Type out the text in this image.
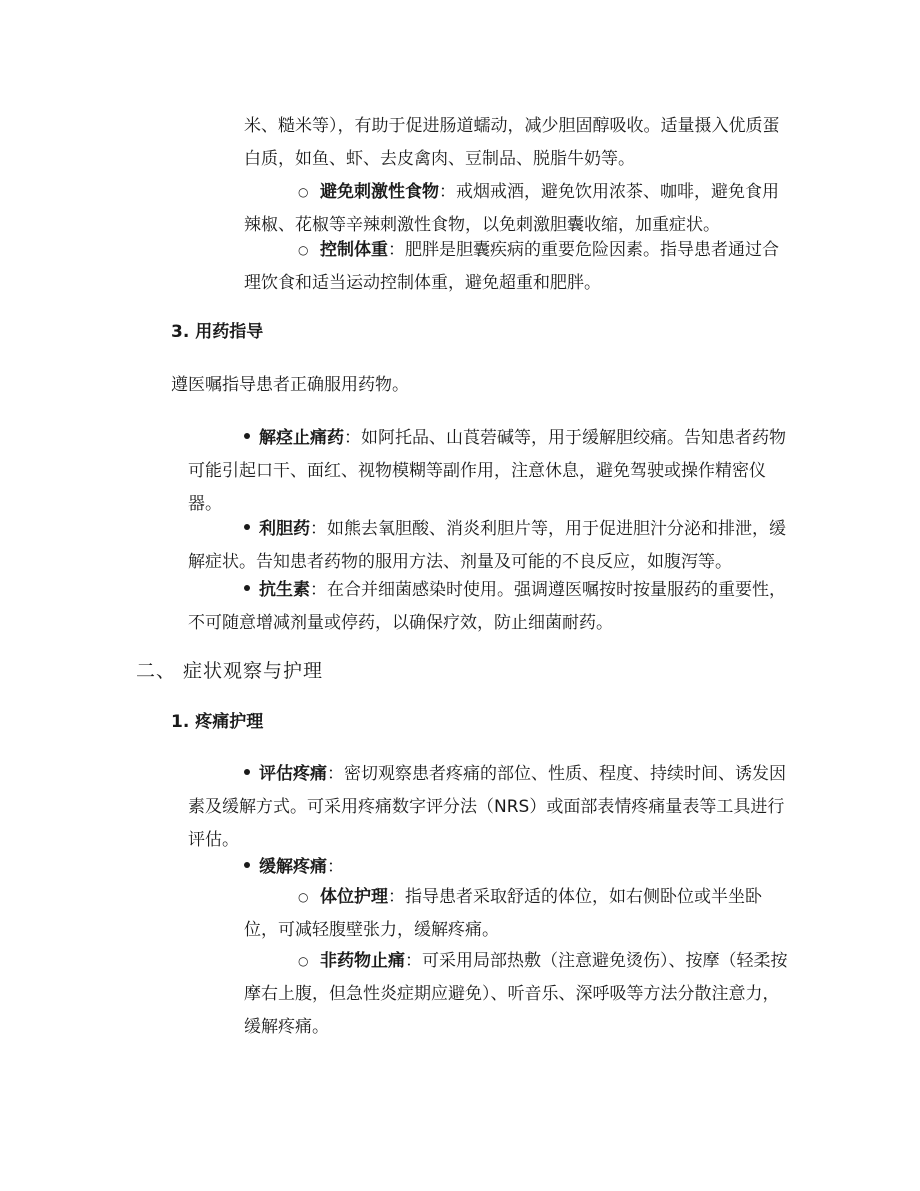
米、糙米等），有助于促进肠道蠕动，减少胆固醇吸收。适量摄入优质蛋白质，如鱼、虾、去皮禽肉、豆制品、脱脂牛奶等。

○ 避免刺激性食物：戒烟戒酒，避免饮用浓茶、咖啡，避免食用辣椒、花椒等辛辣刺激性食物，以免刺激胆囊收缩，加重症状。

○ 控制体重：肥胖是胆囊疾病的重要危险因素。指导患者通过合理饮食和适当运动控制体重，避免超重和肥胖。

3. 用药指导
遵医嘱指导患者正确服用药物。

解痉止痛药：如阿托品、山莨菪碱等，用于缓解胆绞痛。告知患者药物可能引起口干、面红、视物模糊等副作用，注意休息，避免驾驶或操作精密仪器。

利胆药：如熊去氧胆酸、消炎利胆片等，用于促进胆汁分泌和排泄，缓解症状。告知患者药物的服用方法、剂量及可能的不良反应，如腹泻等。

抗生素：在合并细菌感染时使用。强调遵医嘱按时按量服药的重要性，不可随意增减剂量或停药，以确保疗效，防止细菌耐药。

二、 症状观察与护理
1. 疼痛护理

评估疼痛：密切观察患者疼痛的部位、性质、程度、持续时间、诱发因素及缓解方式。可采用疼痛数字评分法（NRS）或面部表情疼痛量表等工具进行评估。

缓解疼痛：

○ 体位护理：指导患者采取舒适的体位，如右侧卧位或半坐卧位，可减轻腹壁张力，缓解疼痛。

○ 非药物止痛：可采用局部热敷（注意避免烫伤）、按摩（轻柔按摩右上腹，但急性炎症期应避免）、听音乐、深呼吸等方法分散注意力，缓解疼痛。
